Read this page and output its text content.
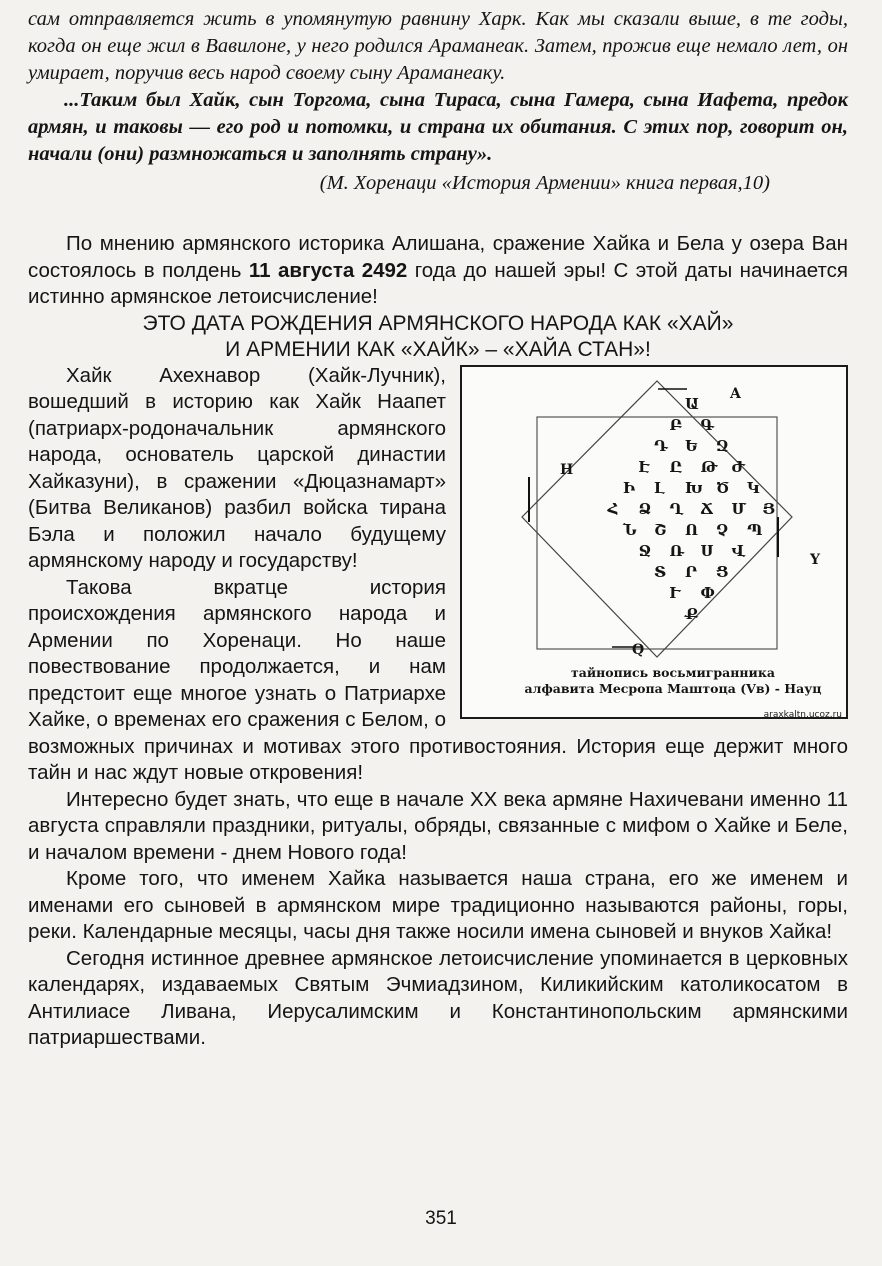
сам отправляется жить в упомянутую равнину Харк. Как мы сказали выше, в те годы, когда он еще жил в Вавилоне, у него родился Араманеак. Затем, прожив еще немало лет, он умирает, поручив весь народ своему сыну Араманеаку.

...Таким был Хайк, сын Торгома, сына Тираса, сына Гамера, сына Иафета, предок армян, и таковы — его род и потомки, и страна их обитания. С этих пор, говорит он, начали (они) размножаться и заполнять страну».

(М. Хоренаци «История Армении» книга первая,10)

По мнению армянского историка Алишана, сражение Хайка и Бела у озера Ван состоялось в полдень 11 августа 2492 года до нашей эры! С этой даты начинается истинно армянское летоисчисление!

ЭТО ДАТА РОЖДЕНИЯ АРМЯНСКОГО НАРОДА КАК «ХАЙ»

И АРМЕНИИ КАК «ХАЙК» – «ХАЙА СТАН»!

A
H
Y
Q
Ա
Բ	Գ
Դ	Ե	Զ
Է	Ը	Թ Ժ
Ի	Լ	Խ Ծ	Կ
Հ	Ձ	Ղ	Ճ	Մ	Յ
Ն	Շ	Ո	Չ	Պ
Ջ	Ռ	Ս	Վ
Տ	Ր	Ց
Ւ	Փ
Ք
тайнопись восьмигранника
алфавита Месропа Маштоца (Vв) - Науц
araxkaltn.ucoz.ru
Хайк Ахехнавор (Хайк-Лучник), вошедший в историю как Хайк Наапет (патриарх-родоначальник армянского народа, основатель царской династии Хайказуни), в сражении «Дюцазнамарт» (Битва Великанов) разбил войска тирана Бэла и положил начало будущему армянскому народу и государству!

Такова вкратце история происхождения армянского народа и Армении по Хоренаци. Но наше повествование продолжается, и нам предстоит еще многое узнать о Патриархе Хайке, о временах его сражения с Белом, о возможных причинах и мотивах этого противостояния. История еще держит много тайн и нас ждут новые откровения!

Интересно будет знать, что еще в начале XX века армяне Нахичевани именно 11 августа справляли праздники, ритуалы, обряды, связанные с мифом о Хайке и Беле, и началом времени - днем Нового года!

Кроме того, что именем Хайка называется наша страна, его же именем и именами его сыновей в армянском мире традиционно называются районы, горы, реки. Календарные месяцы, часы дня также носили имена сыновей и внуков Хайка!

Сегодня истинное древнее армянское летоисчисление упоминается в церковных календарях, издаваемых Святым Эчмиадзином, Киликийским католикосатом в Антилиасе Ливана, Иерусалимским и Константинопольским армянскими патриаршествами.

351
